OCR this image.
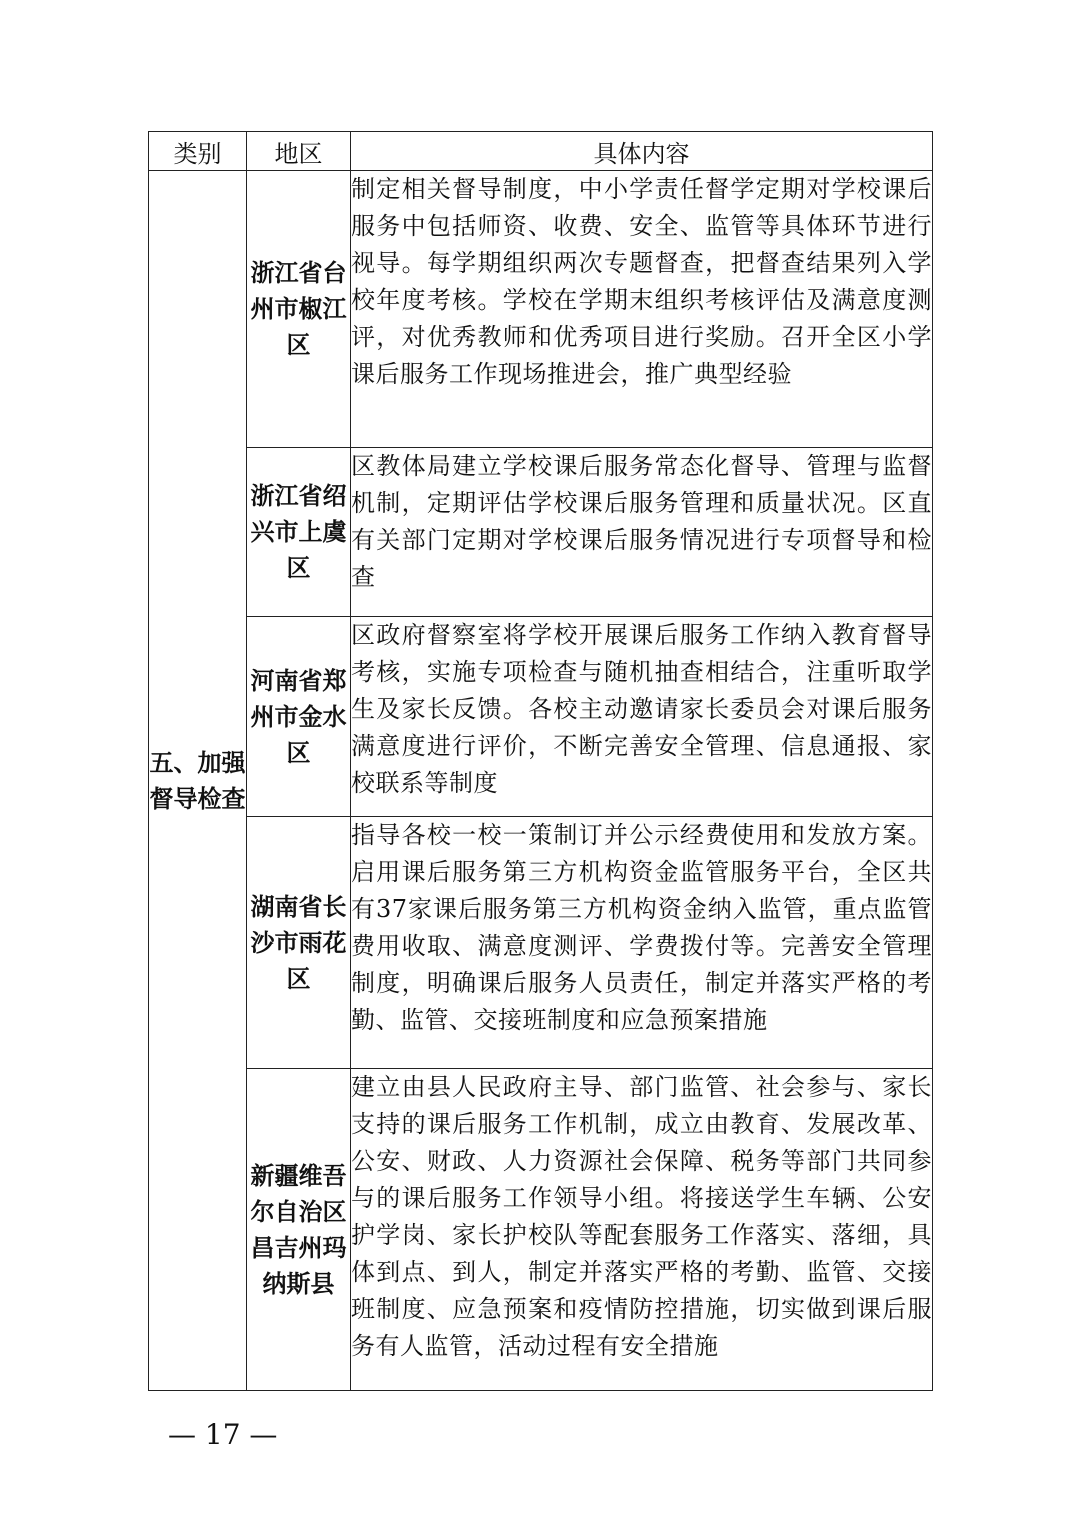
类别	地区	具体内容
五、加强督导检查	浙江省台州市椒江区	制定相关督导制度，中小学责任督学定期对学校课后服务中包括师资、收费、安全、监管等具体环节进行视导。每学期组织两次专题督查，把督查结果列入学校年度考核。学校在学期末组织考核评估及满意度测评，对优秀教师和优秀项目进行奖励。召开全区小学课后服务工作现场推进会，推广典型经验
	浙江省绍兴市上虞区	区教体局建立学校课后服务常态化督导、管理与监督机制，定期评估学校课后服务管理和质量状况。区直有关部门定期对学校课后服务情况进行专项督导和检查
	河南省郑州市金水区	区政府督察室将学校开展课后服务工作纳入教育督导考核，实施专项检查与随机抽查相结合，注重听取学生及家长反馈。各校主动邀请家长委员会对课后服务满意度进行评价，不断完善安全管理、信息通报、家校联系等制度
	湖南省长沙市雨花区	指导各校一校一策制订并公示经费使用和发放方案。启用课后服务第三方机构资金监管服务平台，全区共有37家课后服务第三方机构资金纳入监管，重点监管费用收取、满意度测评、学费拨付等。完善安全管理制度，明确课后服务人员责任，制定并落实严格的考勤、监管、交接班制度和应急预案措施
	新疆维吾尔自治区昌吉州玛纳斯县	建立由县人民政府主导、部门监管、社会参与、家长支持的课后服务工作机制，成立由教育、发展改革、公安、财政、人力资源社会保障、税务等部门共同参与的课后服务工作领导小组。将接送学生车辆、公安护学岗、家长护校队等配套服务工作落实、落细，具体到点、到人，制定并落实严格的考勤、监管、交接班制度、应急预案和疫情防控措施，切实做到课后服务有人监管，活动过程有安全措施
— 17 —
